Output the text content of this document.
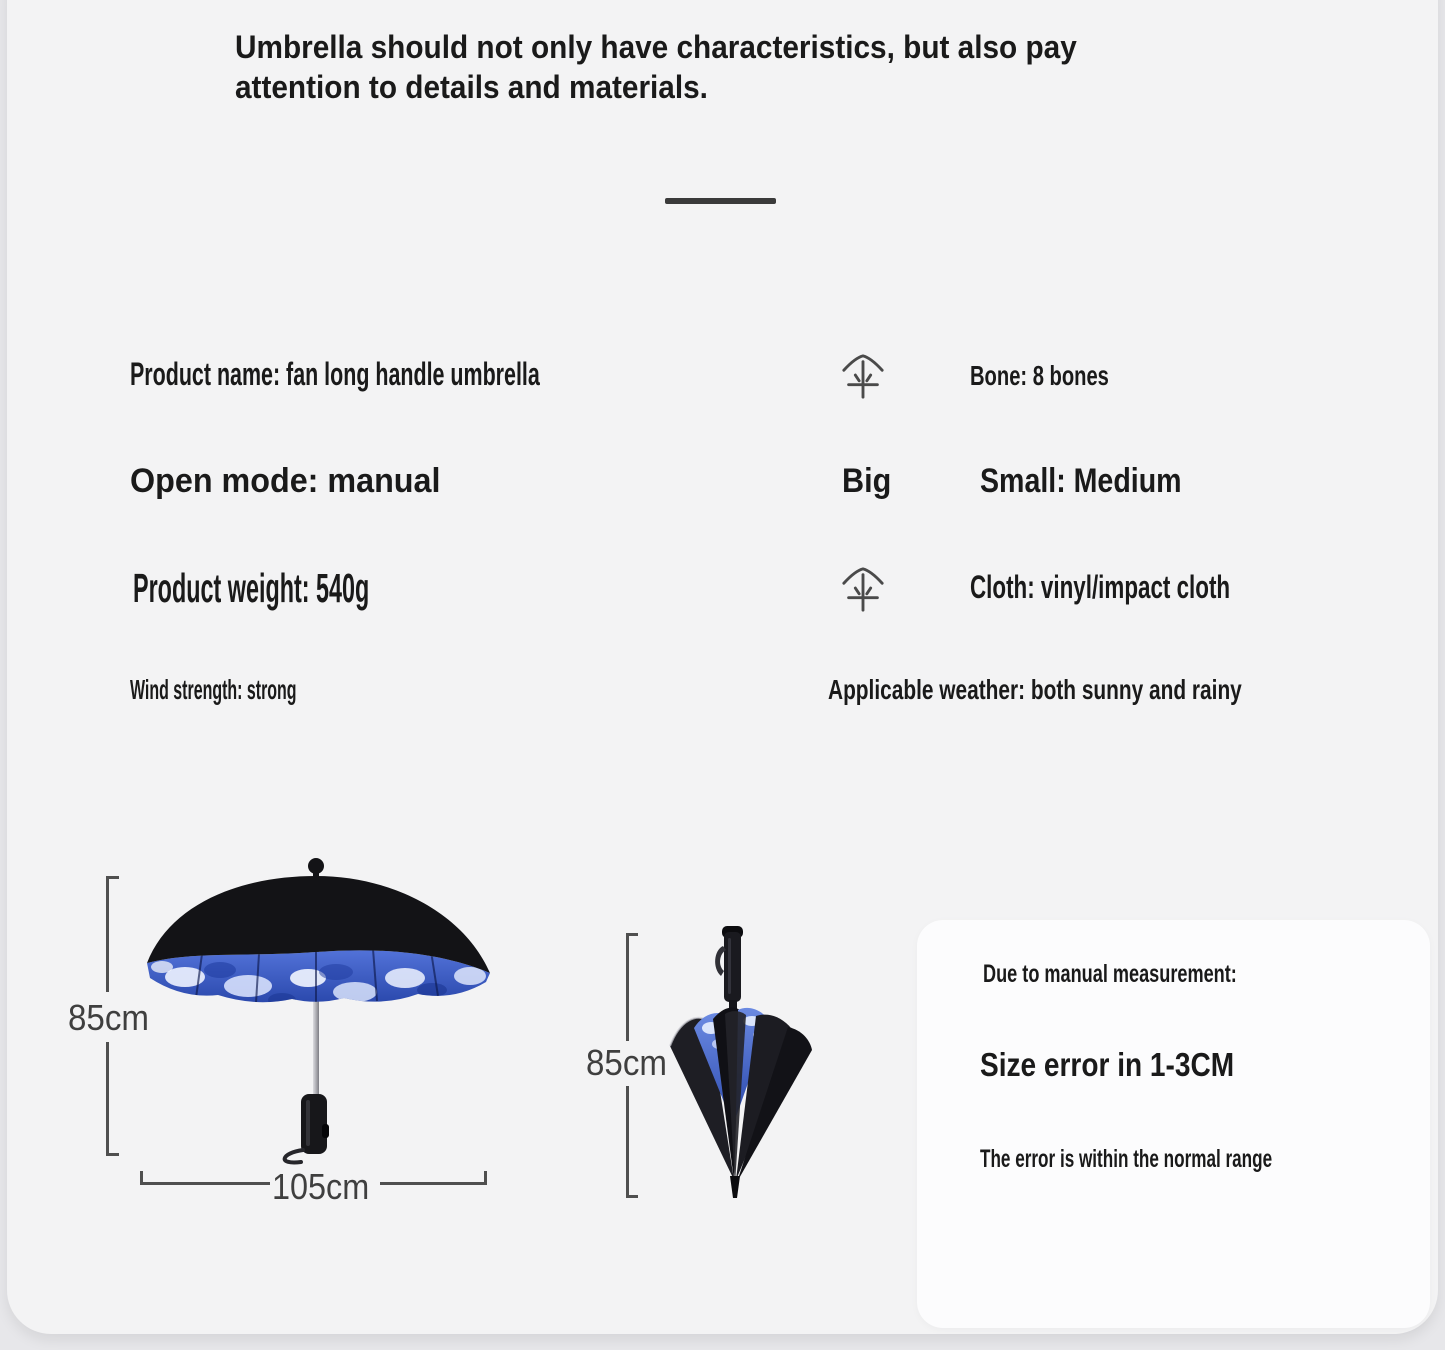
Umbrella should not only have characteristics, but also pay
attention to details and materials.
Product name: fan long handle umbrella	Bone: 8 bones
Open mode: manual	Big	Small: Medium
Product weight: 540g	Cloth: vinyl/impact cloth
Wind strength: strong	Applicable weather: both sunny and rainy
85cm
105cm
85cm
Due to manual measurement:
Size error in 1-3CM
The error is within the normal range
